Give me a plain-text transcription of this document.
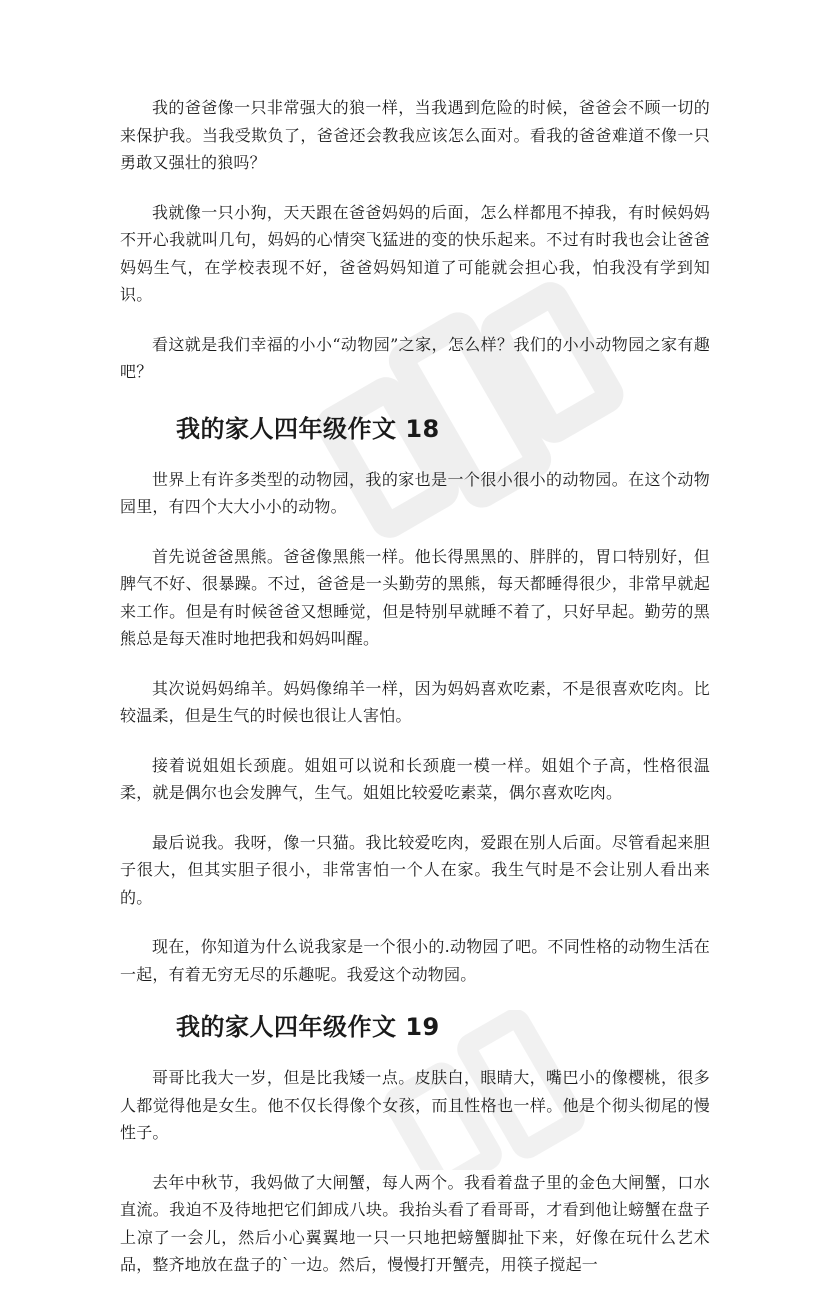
我的爸爸像一只非常强大的狼一样，当我遇到危险的时候，爸爸会不顾一切的来保护我。当我受欺负了，爸爸还会教我应该怎么面对。看我的爸爸难道不像一只勇敢又强壮的狼吗？

我就像一只小狗，天天跟在爸爸妈妈的后面，怎么样都甩不掉我，有时候妈妈不开心我就叫几句，妈妈的心情突飞猛进的变的快乐起来。不过有时我也会让爸爸妈妈生气，在学校表现不好，爸爸妈妈知道了可能就会担心我，怕我没有学到知识。

看这就是我们幸福的小小“动物园”之家，怎么样？我们的小小动物园之家有趣吧？

我的家人四年级作文 18

世界上有许多类型的动物园，我的家也是一个很小很小的动物园。在这个动物园里，有四个大大小小的动物。

首先说爸爸黑熊。爸爸像黑熊一样。他长得黑黑的、胖胖的，胃口特别好，但脾气不好、很暴躁。不过，爸爸是一头勤劳的黑熊，每天都睡得很少，非常早就起来工作。但是有时候爸爸又想睡觉，但是特别早就睡不着了，只好早起。勤劳的黑熊总是每天准时地把我和妈妈叫醒。

其次说妈妈绵羊。妈妈像绵羊一样，因为妈妈喜欢吃素，不是很喜欢吃肉。比较温柔，但是生气的时候也很让人害怕。

接着说姐姐长颈鹿。姐姐可以说和长颈鹿一模一样。姐姐个子高，性格很温柔，就是偶尔也会发脾气，生气。姐姐比较爱吃素菜，偶尔喜欢吃肉。

最后说我。我呀，像一只猫。我比较爱吃肉，爱跟在别人后面。尽管看起来胆子很大，但其实胆子很小，非常害怕一个人在家。我生气时是不会让别人看出来的。

现在，你知道为什么说我家是一个很小的.动物园了吧。不同性格的动物生活在一起，有着无穷无尽的乐趣呢。我爱这个动物园。

我的家人四年级作文 19

哥哥比我大一岁，但是比我矮一点。皮肤白，眼睛大，嘴巴小的像樱桃，很多人都觉得他是女生。他不仅长得像个女孩，而且性格也一样。他是个彻头彻尾的慢性子。

去年中秋节，我妈做了大闸蟹，每人两个。我看着盘子里的金色大闸蟹，口水直流。我迫不及待地把它们卸成八块。我抬头看了看哥哥，才看到他让螃蟹在盘子上凉了一会儿，然后小心翼翼地一只一只地把螃蟹脚扯下来，好像在玩什么艺术品，整齐地放在盘子的`一边。然后，慢慢打开蟹壳，用筷子搅起一
